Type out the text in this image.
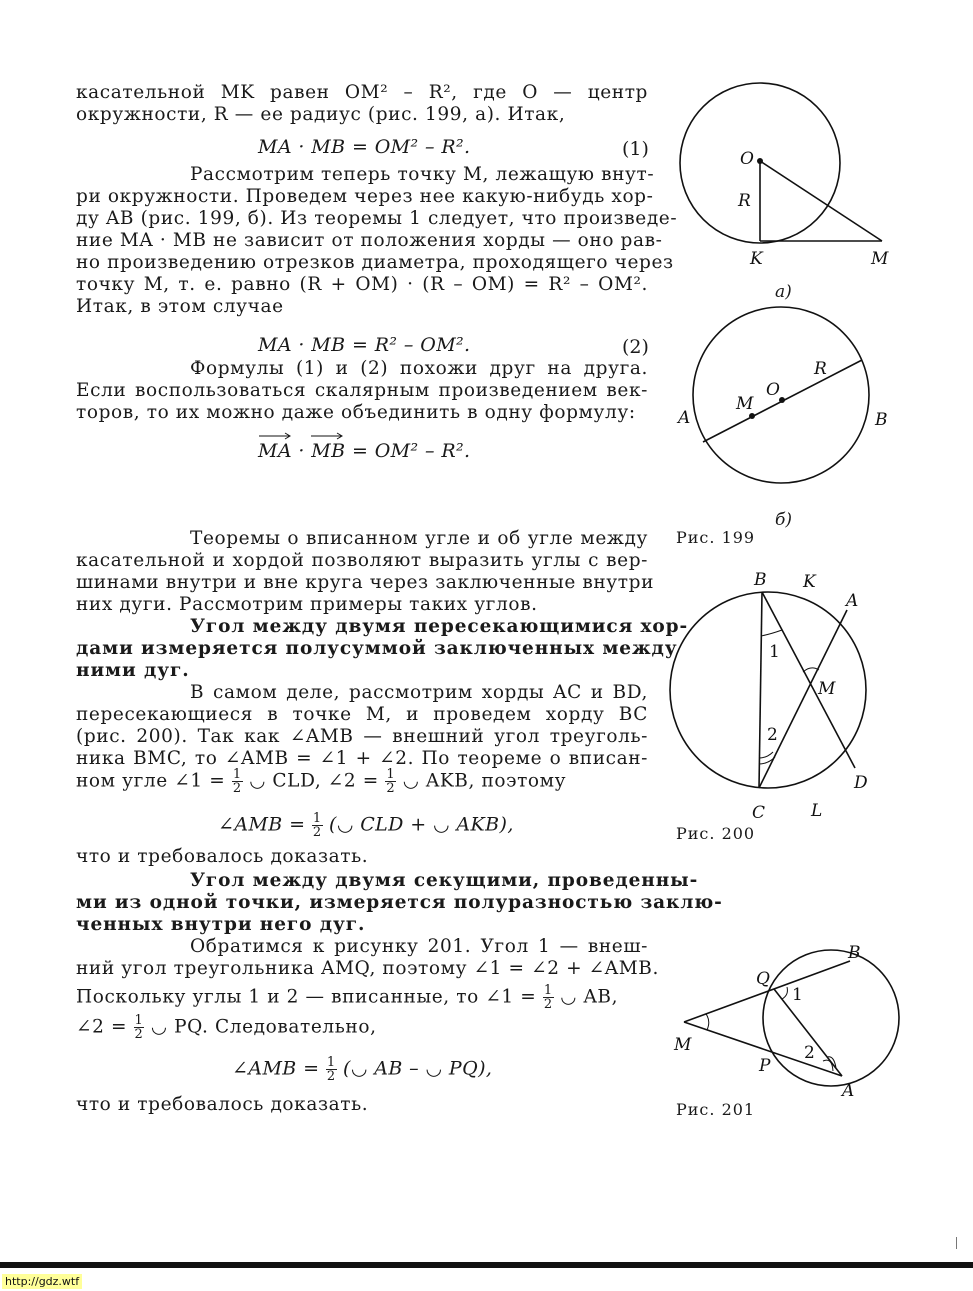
касательной MK равен OM² – R², где O — центр
окружности, R — ее радиус (рис. 199, а). Итак,
MA · MB = OM² – R².	(1)
Рассмотрим теперь точку M, лежащую внут-
ри окружности. Проведем через нее какую-нибудь хор-
ду AB (рис. 199, б). Из теоремы 1 следует, что произведе-
ние MA · MB не зависит от положения хорды — оно рав-
но произведению отрезков диаметра, проходящего через
точку M, т. е. равно (R + OM) · (R – OM) = R² – OM².
Итак, в этом случае
MA · MB = R² – OM².	(2)
Формулы (1) и (2) похожи друг на друга.
Если воспользоваться скалярным произведением век-
торов, то их можно даже объединить в одну формулу:
MA · MB = OM² – R².
Теоремы о вписанном угле и об угле между
касательной и хордой позволяют выразить углы с вер-
шинами внутри и вне круга через заключенные внутри
них дуги. Рассмотрим примеры таких углов.
Угол между двумя пересекающимися хор-
дами измеряется полусуммой заключенных между
ними дуг.
В самом деле, рассмотрим хорды AC и BD,
пересекающиеся в точке M, и проведем хорду BC
(рис. 200). Так как ∠AMB — внешний угол треуголь-
ника BMC, то ∠AMB = ∠1 + ∠2. По теореме о вписан-
ном угле ∠1 = $\frac{1}{2}$ ◡ CLD, ∠2 = $\frac{1}{2}$ ◡ AKB, поэтому
∠AMB = $\frac{1}{2}$ (◡ CLD + ◡ AKB),
что и требовалось доказать.
Угол между двумя секущими, проведенны-
ми из одной точки, измеряется полуразностью заклю-
ченных внутри него дуг.
Обратимся к рисунку 201. Угол 1 — внеш-
ний угол треугольника AMQ, поэтому ∠1 = ∠2 + ∠AMB.
Поскольку углы 1 и 2 — вписанные, то ∠1 = $\frac{1}{2}$ ◡ AB,
∠2 = $\frac{1}{2}$ ◡ PQ. Следовательно,
∠AMB = $\frac{1}{2}$ (◡ AB – ◡ PQ),
что и требовалось доказать.
O
R
K	M
а)
A	B
M
O
R
б)
Рис. 199
B K
A
M
D
C	L
1
2
Рис. 200
B
Q
M
P
A
1
2
Рис. 201
http://gdz.wtf
